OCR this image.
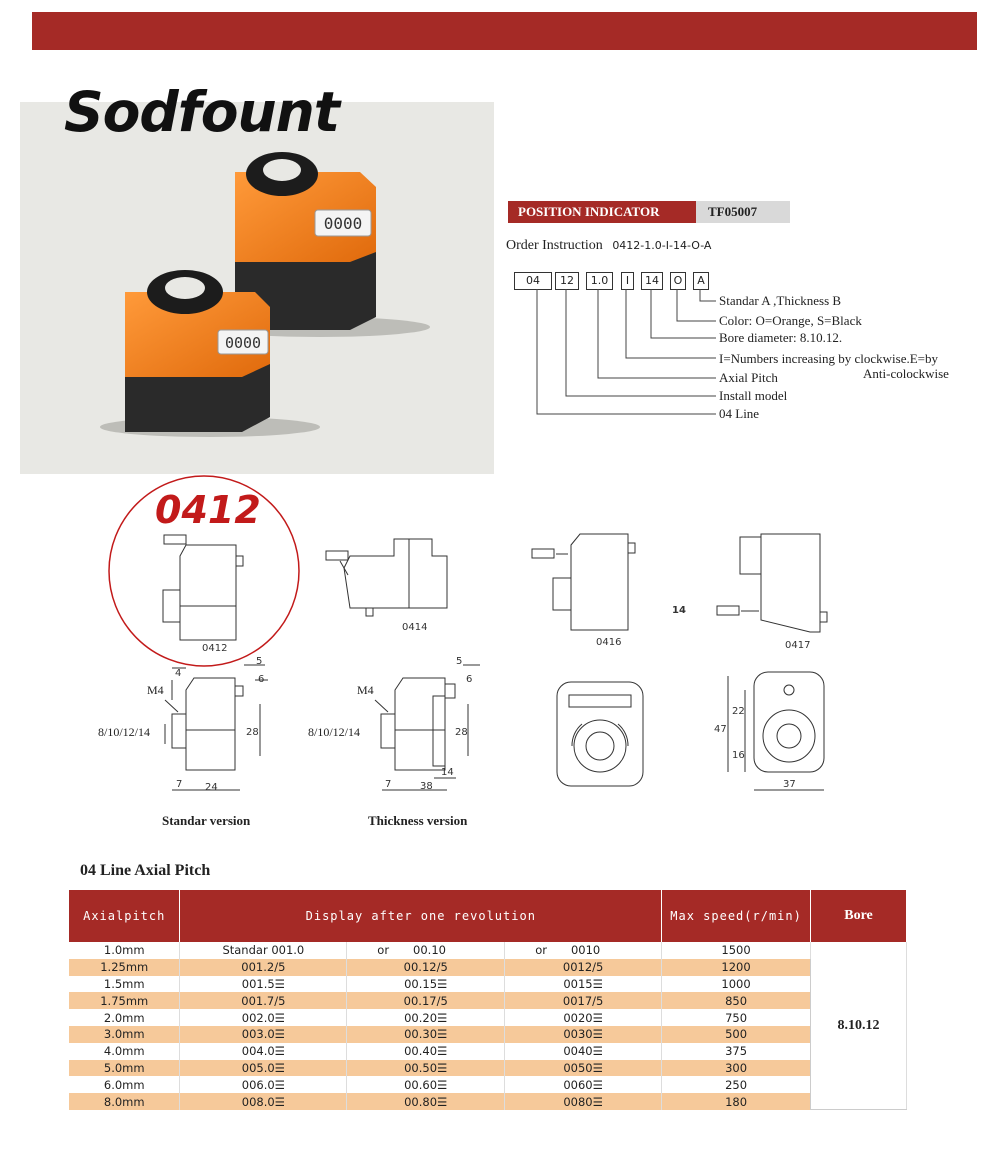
0000
0000
Sodfount
POSITION INDICATOR	TF05007
Order Instruction 0412-1.0-I-14-O-A
04	12	1.0	I	14	O	A
Standar A ,Thickness B
Color: O=Orange, S=Black
Bore diameter: 8.10.12.
I=Numbers increasing by clockwise.E=by
Anti-colockwise
Axial Pitch
Install model
04 Line
0412
0412
0414
0416	0417
14
4
M4
5
6
8/10/12/14	28
7 24
Standar version
M4
5
6
8/10/12/14	28
14
7	38
Thickness version
47
22
16
37
04 Line Axial Pitch
Axialpitch	Display after one revolution			Max speed(r/min)	Bore
1.0mm	Standar 001.0	or 00.10	or 0010	1500	8.10.12
1.25mm	001.2/5	00.12/5	0012/5	1200	
1.5mm	001.5☰	00.15☰	0015☰	1000	
1.75mm	001.7/5	00.17/5	0017/5	850	
2.0mm	002.0☰	00.20☰	0020☰	750	
3.0mm	003.0☰	00.30☰	0030☰	500	
4.0mm	004.0☰	00.40☰	0040☰	375	
5.0mm	005.0☰	00.50☰	0050☰	300	
6.0mm	006.0☰	00.60☰	0060☰	250	
8.0mm	008.0☰	00.80☰	0080☰	180	
